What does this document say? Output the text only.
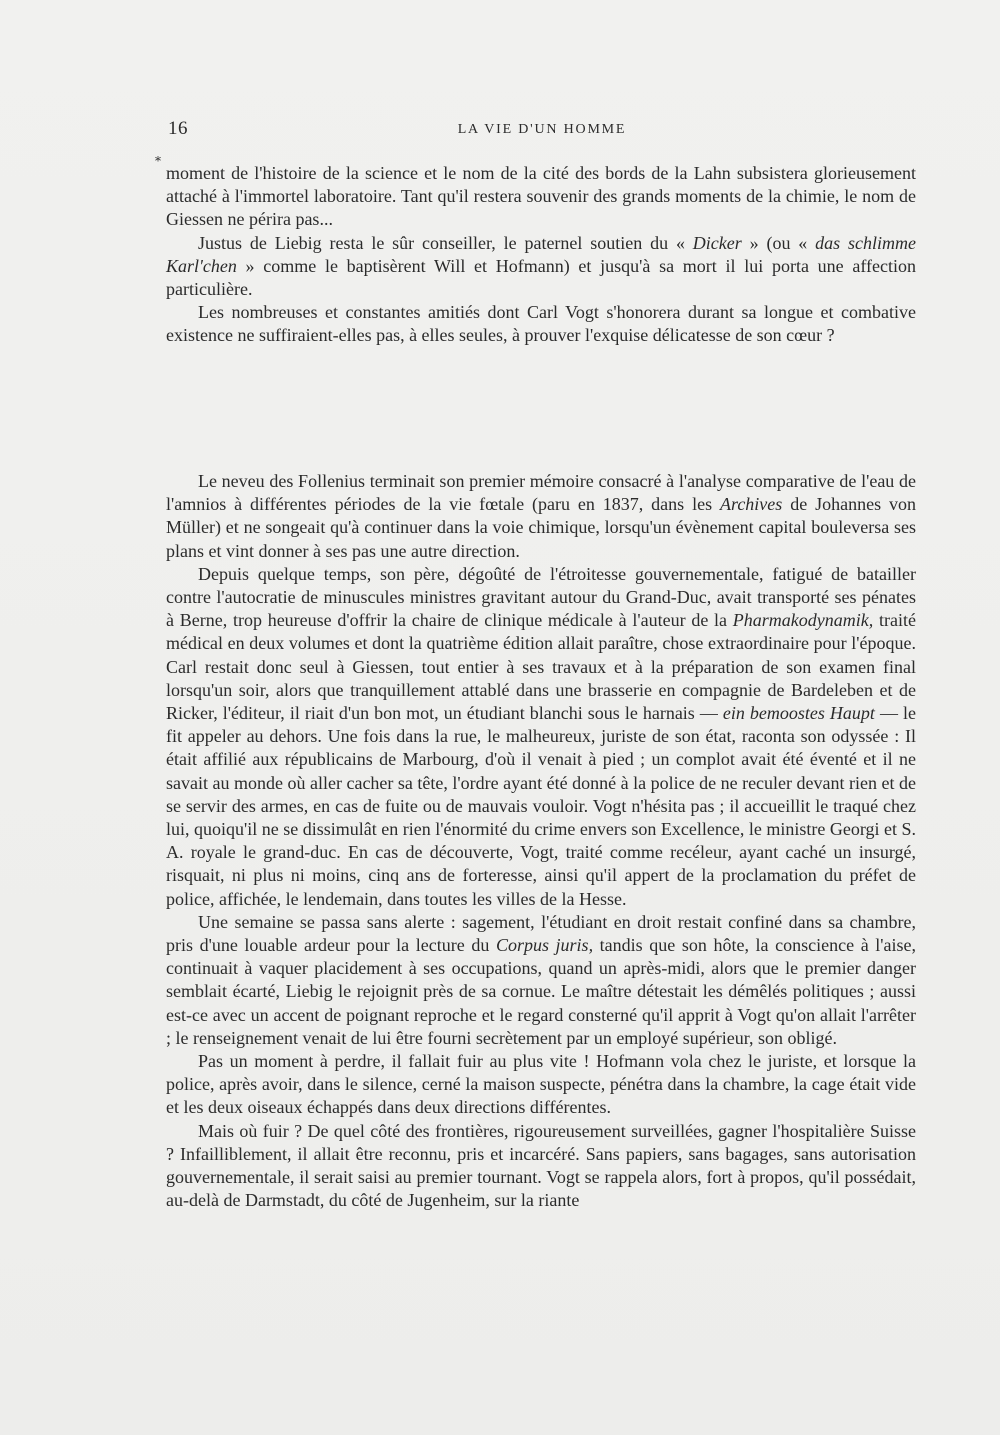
16	LA VIE D'UN HOMME
*

moment de l'histoire de la science et le nom de la cité des bords de la Lahn subsistera glorieusement attaché à l'immortel laboratoire. Tant qu'il restera souvenir des grands moments de la chimie, le nom de Giessen ne périra pas...

Justus de Liebig resta le sûr conseiller, le paternel soutien du « Dicker » (ou « das schlimme Karl'chen » comme le baptisèrent Will et Hofmann) et jusqu'à sa mort il lui porta une affection particulière.

Les nombreuses et constantes amitiés dont Carl Vogt s'honorera durant sa longue et combative existence ne suffiraient-elles pas, à elles seules, à prouver l'exquise délicatesse de son cœur ?

Le neveu des Follenius terminait son premier mémoire consacré à l'analyse comparative de l'eau de l'amnios à différentes périodes de la vie fœtale (paru en 1837, dans les Archives de Johannes von Müller) et ne songeait qu'à continuer dans la voie chimique, lorsqu'un évènement capital bouleversa ses plans et vint donner à ses pas une autre direction.

Depuis quelque temps, son père, dégoûté de l'étroitesse gouvernementale, fatigué de batailler contre l'autocratie de minuscules ministres gravitant autour du Grand-Duc, avait transporté ses pénates à Berne, trop heureuse d'offrir la chaire de clinique médicale à l'auteur de la Pharmakodynamik, traité médical en deux volumes et dont la quatrième édition allait paraître, chose extraordinaire pour l'époque. Carl restait donc seul à Giessen, tout entier à ses travaux et à la préparation de son examen final lorsqu'un soir, alors que tranquillement attablé dans une brasserie en compagnie de Bardeleben et de Ricker, l'éditeur, il riait d'un bon mot, un étudiant blanchi sous le harnais — ein bemoostes Haupt — le fit appeler au dehors. Une fois dans la rue, le malheureux, juriste de son état, raconta son odyssée : Il était affilié aux républicains de Marbourg, d'où il venait à pied ; un complot avait été éventé et il ne savait au monde où aller cacher sa tête, l'ordre ayant été donné à la police de ne reculer devant rien et de se servir des armes, en cas de fuite ou de mauvais vouloir. Vogt n'hésita pas ; il accueillit le traqué chez lui, quoiqu'il ne se dissimulât en rien l'énormité du crime envers son Excellence, le ministre Georgi et S. A. royale le grand-duc. En cas de découverte, Vogt, traité comme recéleur, ayant caché un insurgé, risquait, ni plus ni moins, cinq ans de forteresse, ainsi qu'il appert de la proclamation du préfet de police, affichée, le lendemain, dans toutes les villes de la Hesse.

Une semaine se passa sans alerte : sagement, l'étudiant en droit restait confiné dans sa chambre, pris d'une louable ardeur pour la lecture du Corpus juris, tandis que son hôte, la conscience à l'aise, continuait à vaquer placidement à ses occupations, quand un après-midi, alors que le premier danger semblait écarté, Liebig le rejoignit près de sa cornue. Le maître détestait les démêlés politiques ; aussi est-ce avec un accent de poignant reproche et le regard consterné qu'il apprit à Vogt qu'on allait l'arrêter ; le renseignement venait de lui être fourni secrètement par un employé supérieur, son obligé.

Pas un moment à perdre, il fallait fuir au plus vite ! Hofmann vola chez le juriste, et lorsque la police, après avoir, dans le silence, cerné la maison suspecte, pénétra dans la chambre, la cage était vide et les deux oiseaux échappés dans deux directions différentes.

Mais où fuir ? De quel côté des frontières, rigoureusement surveillées, gagner l'hospitalière Suisse ? Infailliblement, il allait être reconnu, pris et incarcéré. Sans papiers, sans bagages, sans autorisation gouvernementale, il serait saisi au premier tournant. Vogt se rappela alors, fort à propos, qu'il possédait, au-delà de Darmstadt, du côté de Jugenheim, sur la riante
